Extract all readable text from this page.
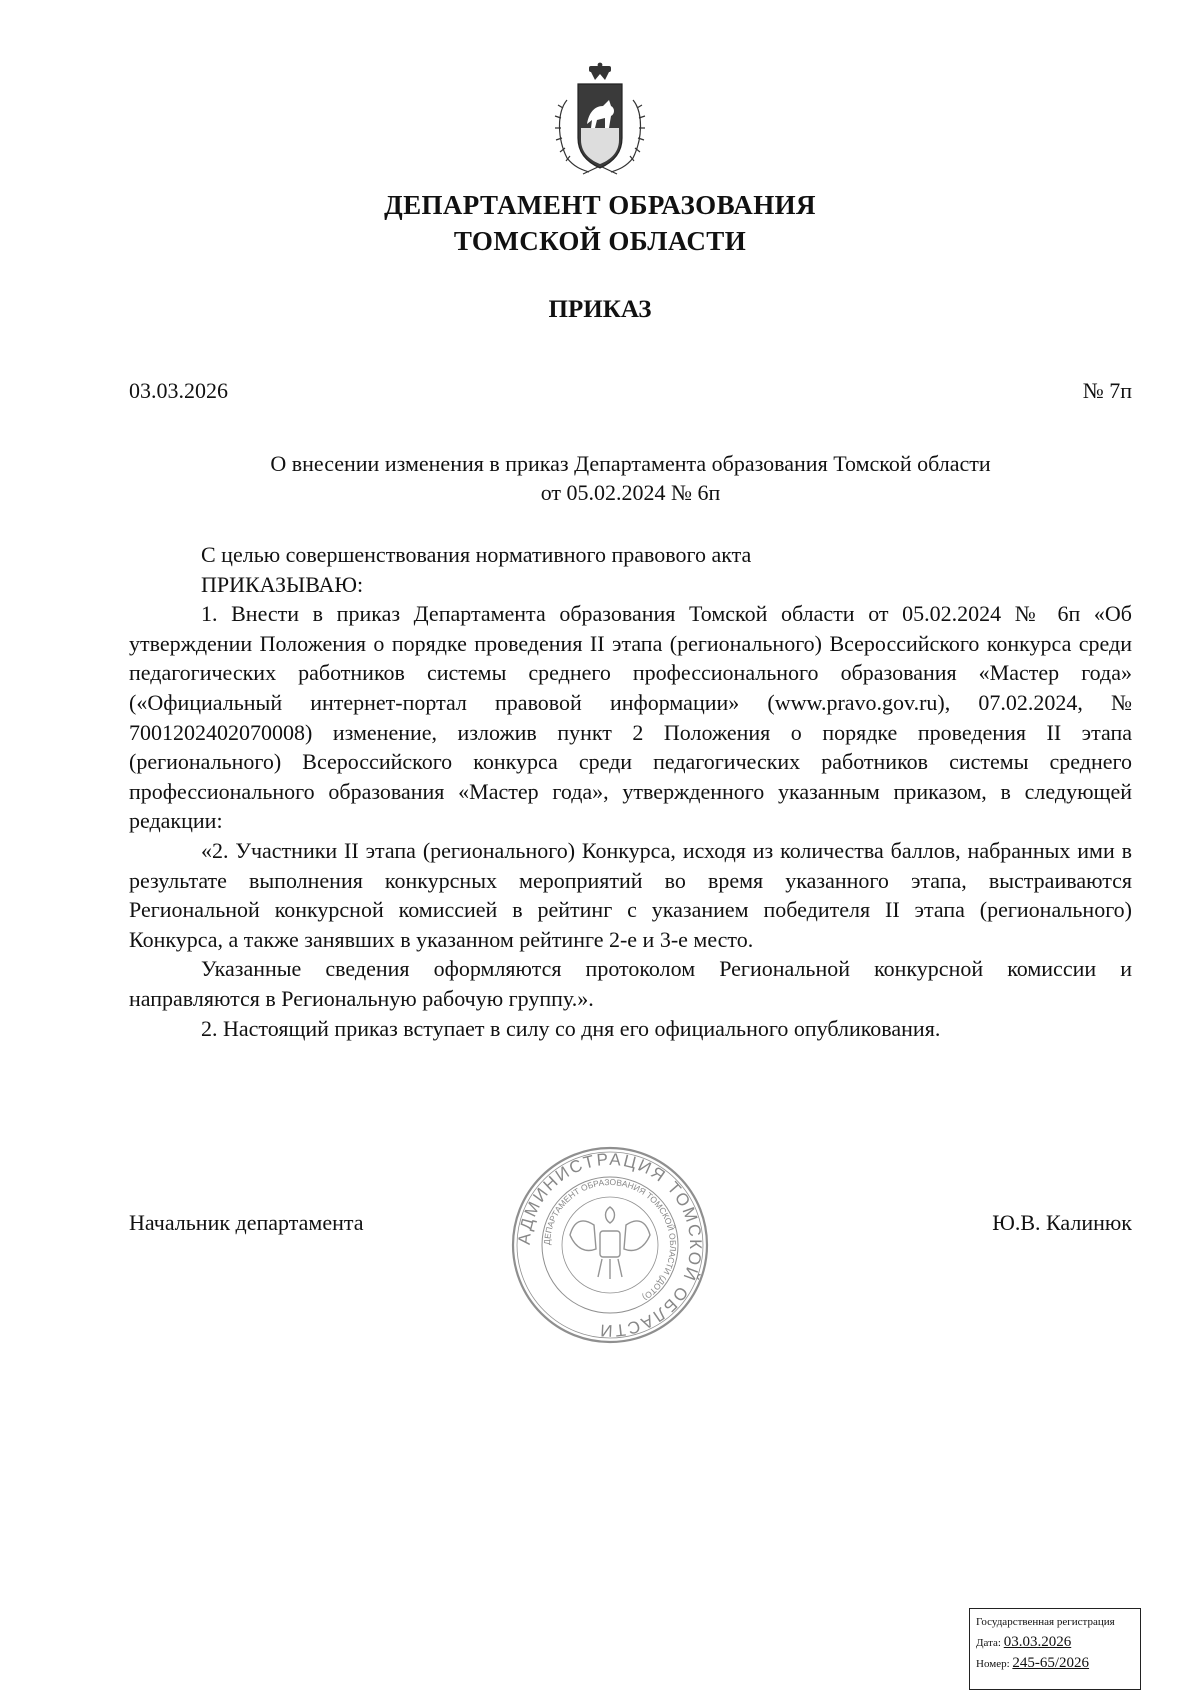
ДЕПАРТАМЕНТ ОБРАЗОВАНИЯ
ТОМСКОЙ ОБЛАСТИ
ПРИКАЗ
03.03.2026	№ 7п
О внесении изменения в приказ Департамента образования Томской области
от 05.02.2024 № 6п

С целью совершенствования нормативного правового акта

ПРИКАЗЫВАЮ:

1. Внести в приказ Департамента образования Томской области от 05.02.2024 № 6п «Об утверждении Положения о порядке проведения II этапа (регионального) Всероссийского конкурса среди педагогических работников системы среднего профессионального образования «Мастер года» («Официальный интернет-портал правовой информации» (www.pravo.gov.ru), 07.02.2024, № 7001202402070008) изменение, изложив пункт 2 Положения о порядке проведения II этапа (регионального) Всероссийского конкурса среди педагогических работников системы среднего профессионального образования «Мастер года», утвержденного указанным приказом, в следующей редакции:

«2. Участники II этапа (регионального) Конкурса, исходя из количества баллов, набранных ими в результате выполнения конкурсных мероприятий во время указанного этапа, выстраиваются Региональной конкурсной комиссией в рейтинг с указанием победителя II этапа (регионального) Конкурса, а также занявших в указанном рейтинге 2-е и 3-е место.

Указанные сведения оформляются протоколом Региональной конкурсной комиссии и направляются в Региональную рабочую группу.».

2. Настоящий приказ вступает в силу со дня его официального опубликования.

Начальник департамента
АДМИНИСТРАЦИЯ ТОМСКОЙ ОБЛАСТИ
ДЕПАРТАМЕНТ ОБРАЗОВАНИЯ ТОМСКОЙ ОБЛАСТИ (ДОТО)
Ю.В. Калинюк
Государственная регистрация
Дата: 03.03.2026
Номер: 245-65/2026
